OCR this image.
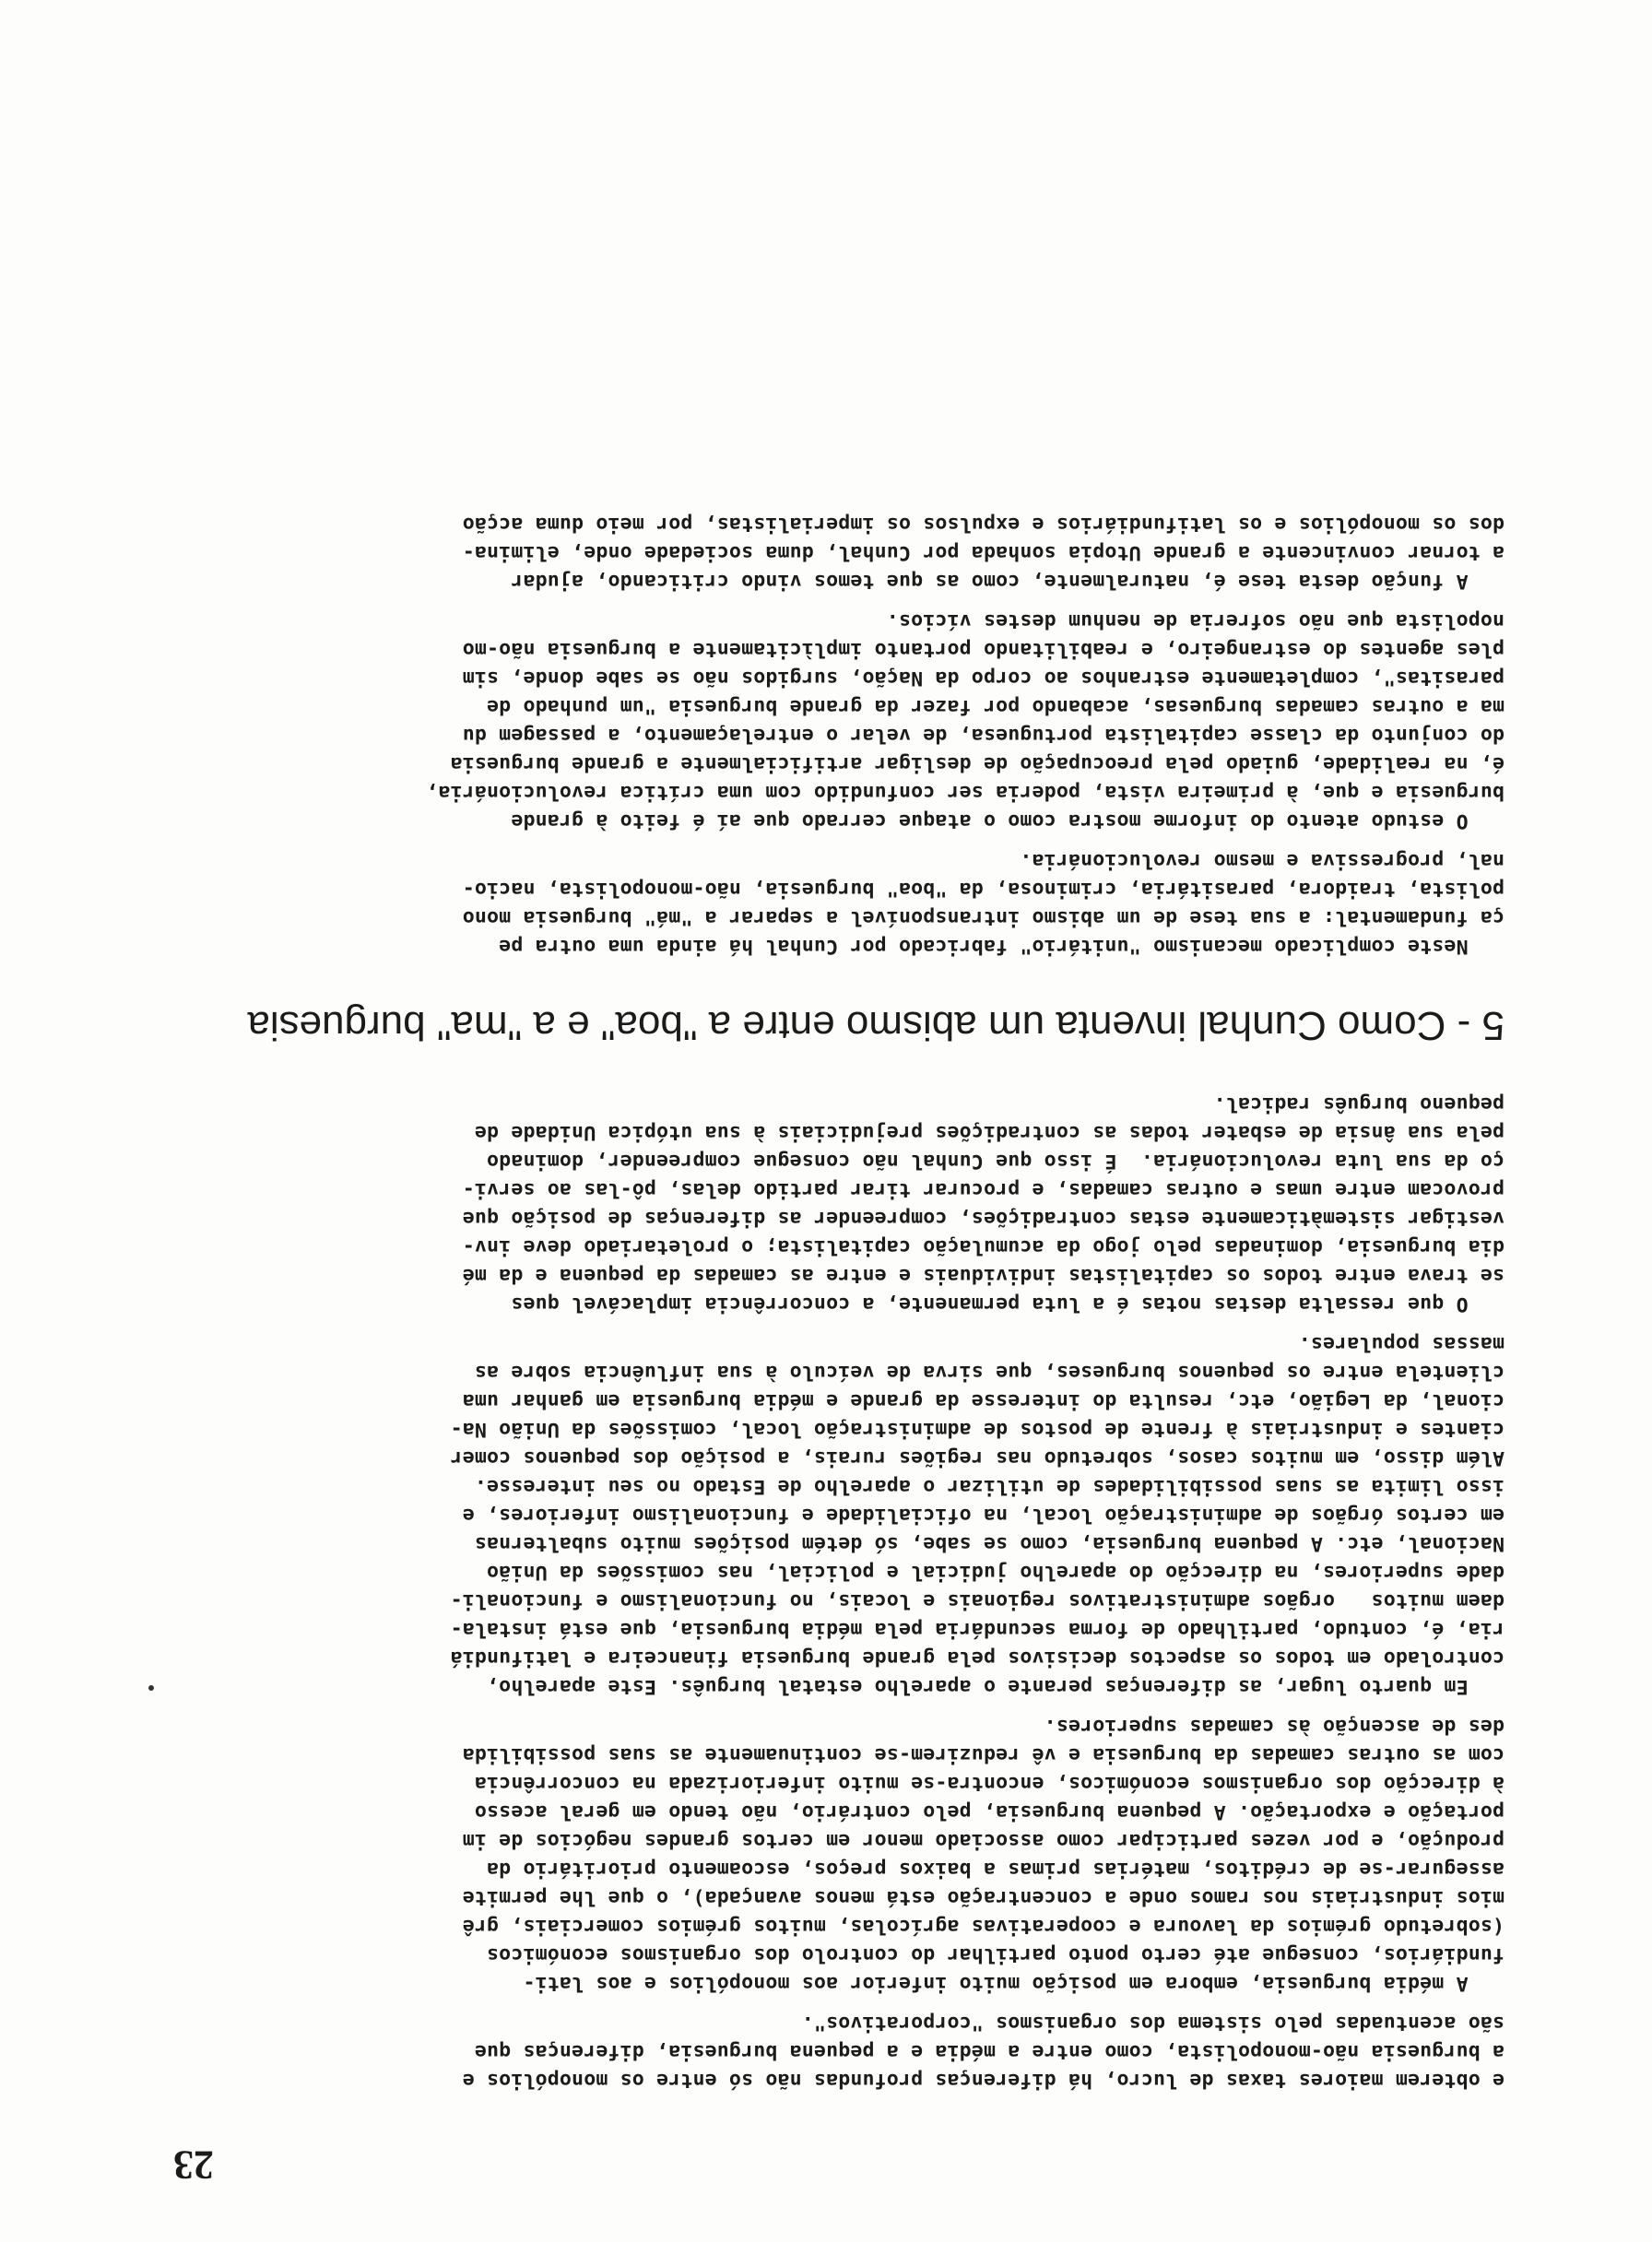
23
e obterem maiores taxas de lucro, há diferenças profundas não só entre os monopólios e
a burguesia não-monopolista, como entre a média e a pequena burguesia, diferenças que
são acentuadas pelo sistema dos organismos "corporativos".
A média burguesia, embora em posição muito inferior aos monopólios e aos lati-
fundiários, consegue até certo ponto partilhar do controlo dos organismos económicos
(sobretudo grémios da lavoura e cooperativas agrícolas, muitos grémios comerciais, grê
mios industriais nos ramos onde a concentração está menos avançada), o que lhe permite
assegurar-se de créditos, matérias primas a baixos preços, escoamento prioritário da
produção, e por vezes participar como associado menor em certos grandes negócios de im
portação e exportação. A pequena burguesia, pelo contrário, não tendo em geral acesso
à direcção dos organismos económicos, encontra-se muito inferiorizada na concorrência
com as outras camadas da burguesia e vê reduzirem-se continuamente as suas possibilida
des de ascenção às camadas superiores.
Em quarto lugar, as diferenças perante o aparelho estatal burguês. Este aparelho,
controlado em todos os aspectos decisivos pela grande burguesia financeira e latifundiá
ria, é, contudo, partilhado de forma secundária pela média burguesia, que está instala-
daem muitos   orgãos administrativos regionais e locais, no funcionalismo e funcionali-
dade superiores, na direcção do aparelho judicial e policial, nas comissões da União
Nacional, etc. A pequena burguesia, como se sabe, só detém posições muito subalternas
em certos órgãos de administração local, na oficialidade e funcionalismo inferiores, e
isso limita as suas possibilidades de utilizar o aparelho de Estado no seu interesse.
Além disso, em muitos casos, sobretudo nas regiões rurais, a posição dos pequenos comer
ciantes e industriais à frente de postos de administração local, comissões da União Na-
cional, da Legião, etc, resulta do interesse da grande e média burguesia em ganhar uma
clientela entre os pequenos burgueses, que sirva de veículo à sua influência sobre as
massas populares.
O que ressalta destas notas é a luta permanente, a concorrência implacável ques
se trava entre todos os capitalistas individuais e entre as camadas da pequena e da mé
dia burguesia, dominadas pelo jogo da acumulação capitalista; o proletariado deve inv-
vestigar sistemàticamente estas contradições, compreender as diferenças de posição que
provocam entre umas e outras camadas, e procurar tirar partido delas, pô-las ao servi-
ço da sua luta revolucionária.  É isso que Cunhal não consegue compreender, dominado
pela sua ânsia de esbater todas as contradições prejudiciais à sua utópica Unidade de
pequeno burguês radical.
5 - Como Cunhal inventa um abismo entre a "boa" e a "ma" burguesia
Neste complicado mecanismo "unitário" fabricado por Cunhal há ainda uma outra pe
ça fundamental: a sua tese de um abismo intransponível a separar a "má" burguesia mono
polista, traidora, parasitária, criminosa, da "boa" burguesia, não-monopolista, nacio-
nal, progressiva e mesmo revolucionária.
O estudo atento do informe mostra como o ataque cerrado que aí é feito à grande
burguesia e que, à primeira vista, poderia ser confundido com uma crítica revolucionária,
é, na realidade, guiado pela preocupação de desligar artificialmente a grande burguesia
do conjunto da classe capitalista portuguesa, de velar o entrelaçamento, a passagem du
ma a outras camadas burguesas, acabando por fazer da grande burguesia "um punhado de
parasitas", completamente estranhos ao corpo da Nação, surgidos não se sabe donde, sim
ples agentes do estrangeiro, e reabilitando portanto implìcitamente a burguesia não-mo
nopolista que não sofreria de nenhum destes vícios.
A função desta tese é, naturalmente, como as que temos vindo criticando, ajudar
a tornar convincente a grande Utopia sonhada por Cunhal, duma sociedade onde, elimina-
dos os monopólios e os latifundiários e expulsos os imperialistas, por meio duma acção
